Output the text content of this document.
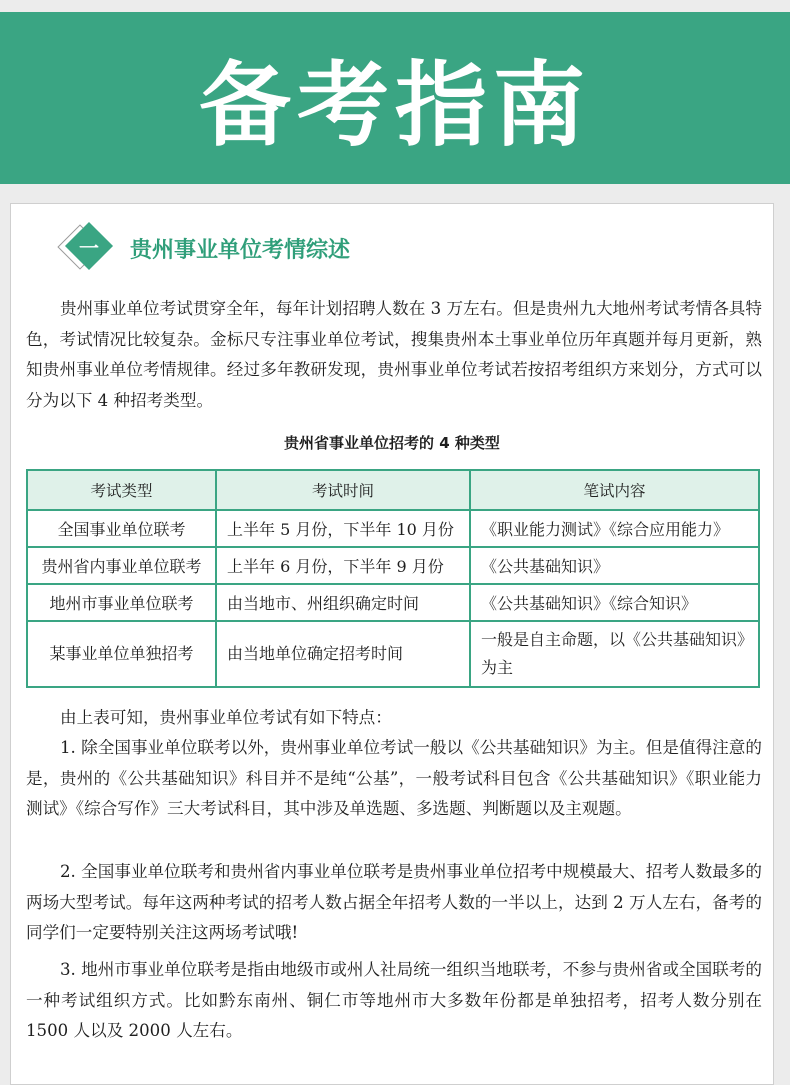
备考指南
一	贵州事业单位考情综述
贵州事业单位考试贯穿全年，每年计划招聘人数在 3 万左右。但是贵州九大地州考试考情各具特色，考试情况比较复杂。金标尺专注事业单位考试，搜集贵州本土事业单位历年真题并每月更新，熟知贵州事业单位考情规律。经过多年教研发现，贵州事业单位考试若按招考组织方来划分，方式可以分为以下 4 种招考类型。
贵州省事业单位招考的 4 种类型
考试类型	考试时间	笔试内容
全国事业单位联考	上半年 5 月份，下半年 10 月份	《职业能力测试》《综合应用能力》
贵州省内事业单位联考	上半年 6 月份，下半年 9 月份	《公共基础知识》
地州市事业单位联考	由当地市、州组织确定时间	《公共基础知识》《综合知识》
某事业单位单独招考	由当地单位确定招考时间	一般是自主命题，以《公共基础知识》为主
由上表可知，贵州事业单位考试有如下特点：
1. 除全国事业单位联考以外，贵州事业单位考试一般以《公共基础知识》为主。但是值得注意的是，贵州的《公共基础知识》科目并不是纯“公基”，一般考试科目包含《公共基础知识》《职业能力测试》《综合写作》三大考试科目，其中涉及单选题、多选题、判断题以及主观题。
2. 全国事业单位联考和贵州省内事业单位联考是贵州事业单位招考中规模最大、招考人数最多的两场大型考试。每年这两种考试的招考人数占据全年招考人数的一半以上，达到 2 万人左右，备考的同学们一定要特别关注这两场考试哦!
3. 地州市事业单位联考是指由地级市或州人社局统一组织当地联考，不参与贵州省或全国联考的一种考试组织方式。比如黔东南州、铜仁市等地州市大多数年份都是单独招考，招考人数分别在 1500 人以及 2000 人左右。
